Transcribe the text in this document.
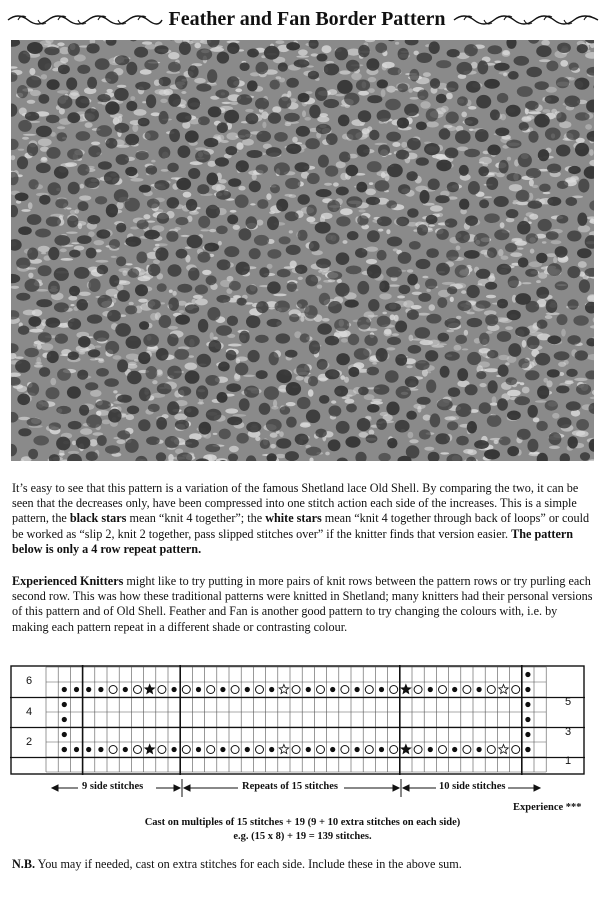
Feather and Fan Border Pattern
It’s easy to see that this pattern is a variation of the famous Shetland lace Old Shell. By comparing the two, it can be seen that the decreases only, have been compressed into one stitch action each side of the increases. This is a simple pattern, the black stars mean “knit 4 together”; the white stars mean “knit 4 together through back of loops” or could be worked as “slip 2, knit 2 together, pass slipped stitches over” if the knitter finds that version easier. The pattern below is only a 4 row repeat pattern.
Experienced Knitters might like to try putting in more pairs of knit rows between the pattern rows or try purling each second row. This was how these traditional patterns were knitted in Shetland; many knitters had their personal versions of this pattern and of Old Shell. Feather and Fan is another good pattern to try changing the colours with, i.e. by making each pattern repeat in a different shade or contrasting colour.
6
4
2
5
3
1
9 side stitches	Repeats of 15 stitches	10 side stitches
Experience ***
Cast on multiples of 15 stitches + 19 (9 + 10 extra stitches on each side)
e.g. (15 x 8) + 19 = 139 stitches.
N.B. You may if needed, cast on extra stitches for each side. Include these in the above sum.
